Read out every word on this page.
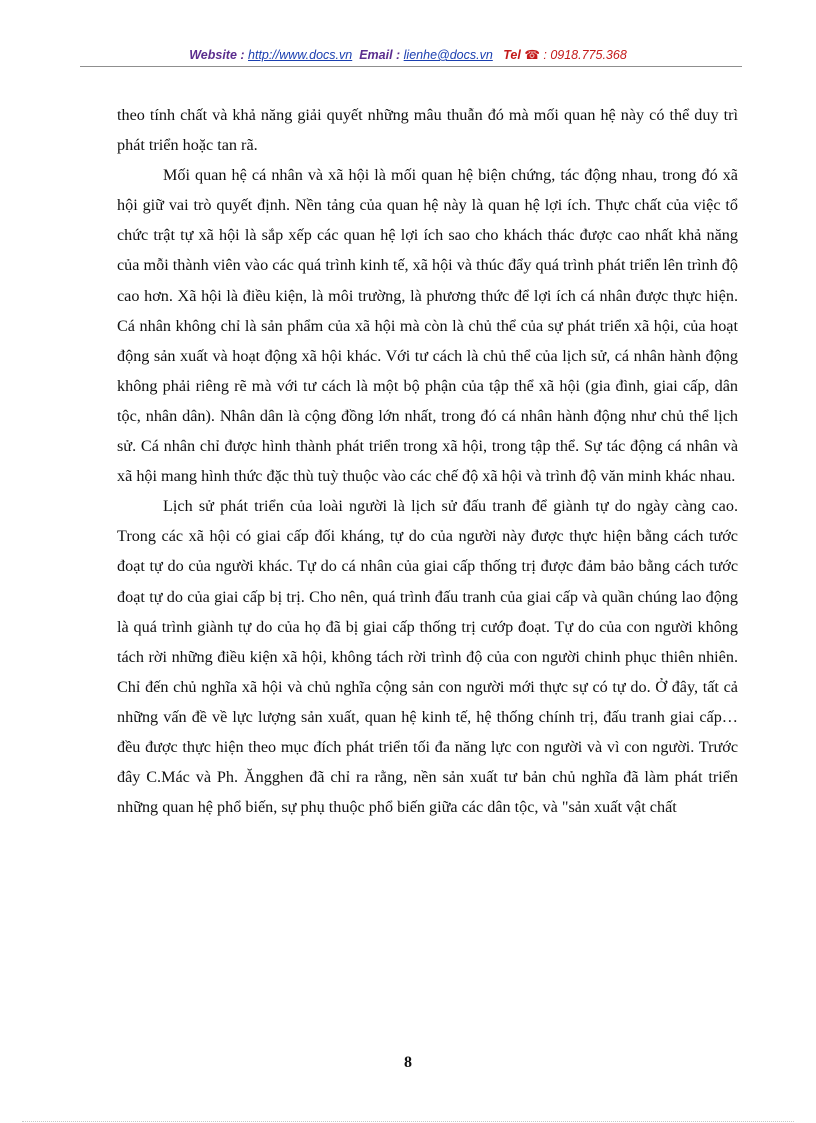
Website : http://www.docs.vn Email : lienhe@docs.vn Tel ☎ : 0918.775.368

theo tính chất và khả năng giải quyết những mâu thuẫn đó mà mối quan hệ này có thể duy trì phát triển hoặc tan rã.

Mối quan hệ cá nhân và xã hội là mối quan hệ biện chứng, tác động nhau, trong đó xã hội giữ vai trò quyết định. Nền tảng của quan hệ này là quan hệ lợi ích. Thực chất của việc tổ chức trật tự xã hội là sắp xếp các quan hệ lợi ích sao cho khách thác được cao nhất khả năng của mỗi thành viên vào các quá trình kinh tế, xã hội và thúc đẩy quá trình phát triển lên trình độ cao hơn. Xã hội là điều kiện, là môi trường, là phương thức để lợi ích cá nhân được thực hiện. Cá nhân không chỉ là sản phẩm của xã hội mà còn là chủ thể của sự phát triển xã hội, của hoạt động sản xuất và hoạt động xã hội khác. Với tư cách là chủ thể của lịch sử, cá nhân hành động không phải riêng rẽ mà với tư cách là một bộ phận của tập thể xã hội (gia đình, giai cấp, dân tộc, nhân dân). Nhân dân là cộng đồng lớn nhất, trong đó cá nhân hành động như chủ thể lịch sử. Cá nhân chỉ được hình thành phát triển trong xã hội, trong tập thể. Sự tác động cá nhân và xã hội mang hình thức đặc thù tuỳ thuộc vào các chế độ xã hội và trình độ văn minh khác nhau.

Lịch sử phát triển của loài người là lịch sử đấu tranh để giành tự do ngày càng cao. Trong các xã hội có giai cấp đối kháng, tự do của người này được thực hiện bằng cách tước đoạt tự do của người khác. Tự do cá nhân của giai cấp thống trị được đảm bảo bằng cách tước đoạt tự do của giai cấp bị trị. Cho nên, quá trình đấu tranh của giai cấp và quần chúng lao động là quá trình giành tự do của họ đã bị giai cấp thống trị cướp đoạt. Tự do của con người không tách rời những điều kiện xã hội, không tách rời trình độ của con người chinh phục thiên nhiên. Chỉ đến chủ nghĩa xã hội và chủ nghĩa cộng sản con người mới thực sự có tự do. Ở đây, tất cả những vấn đề về lực lượng sản xuất, quan hệ kinh tế, hệ thống chính trị, đấu tranh giai cấp… đều được thực hiện theo mục đích phát triển tối đa năng lực con người và vì con người. Trước đây C.Mác và Ph. Ăngghen đã chỉ ra rằng, nền sản xuất tư bản chủ nghĩa đã làm phát triển những quan hệ phổ biến, sự phụ thuộc phổ biến giữa các dân tộc, và "sản xuất vật chất

8
